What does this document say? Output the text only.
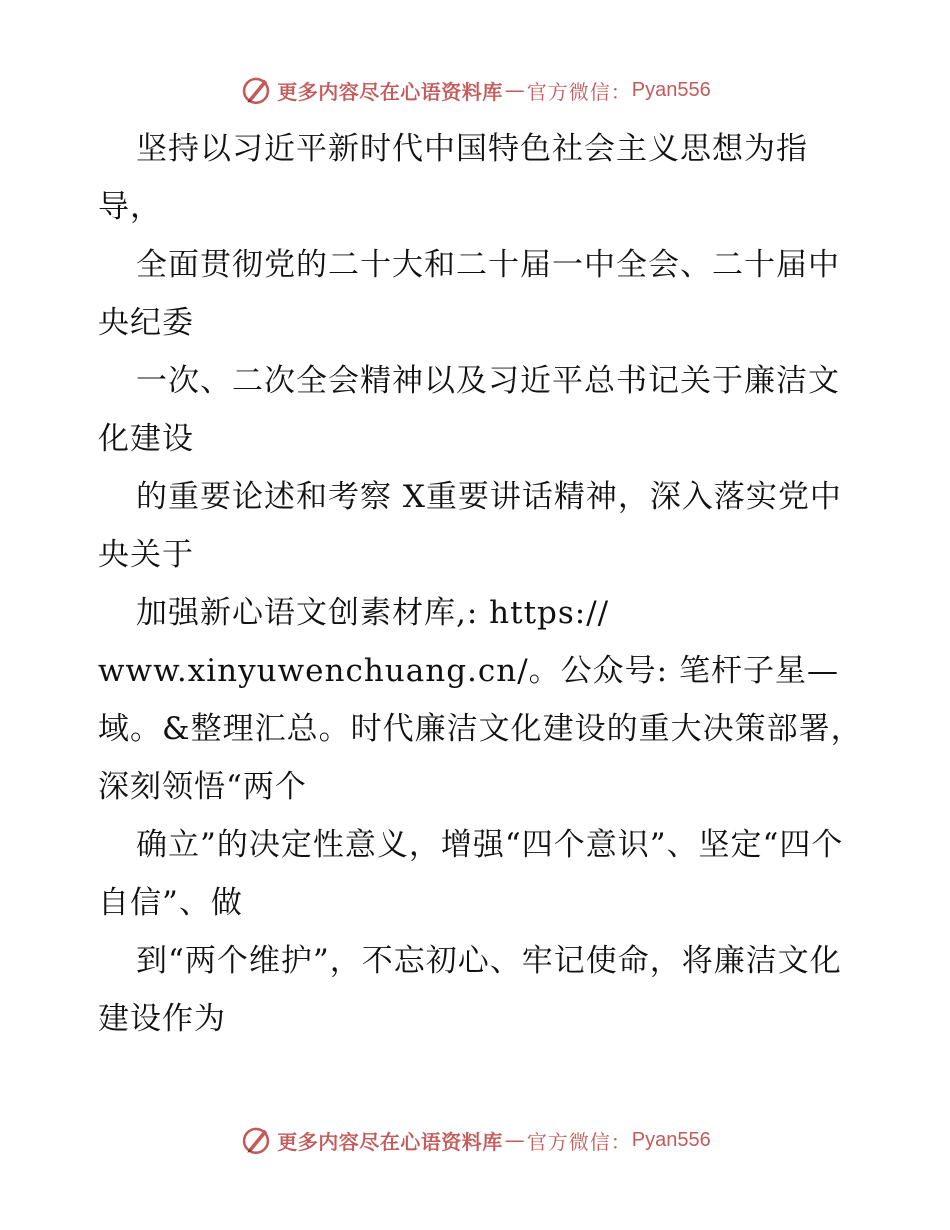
更多内容尽在心语资料库 — 官方微信： Pyan556

坚持以习近平新时代中国特色社会主义思想为指导，

全面贯彻党的二十大和二十届一中全会、二十届中央纪委

一次、二次全会精神以及习近平总书记关于廉洁文化建设

的重要论述和考察 X重要讲话精神，深入落实党中央关于

加强新心语文创素材库,: https://
www.xinyuwenchuang.cn/。公众号: 笔杆子星—域。&整理汇总。时代廉洁文化建设的重大决策部署，深刻领悟“两个

确立”的决定性意义，增强“四个意识”、坚定“四个自信”、做

到“两个维护”，不忘初心、牢记使命，将廉洁文化建设作为

更多内容尽在心语资料库 — 官方微信： Pyan556
